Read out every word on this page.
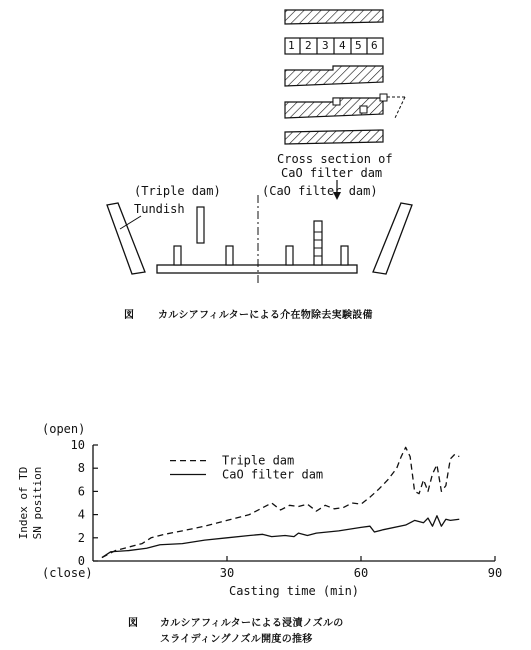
1 2 3 4 5 6
Cross section of
CaO filter dam
(Triple dam)	(CaO filter dam)
Tundish
図 カルシアフィルターによる介在物除去実験設備
0
2
4
6
8
10
30	60	90
(open)
(close)
Casting time (min)
Index of TD SN position
Triple dam
CaO filter dam
図 カルシアフィルターによる浸漬ノズルの
スライディングノズル開度の推移
